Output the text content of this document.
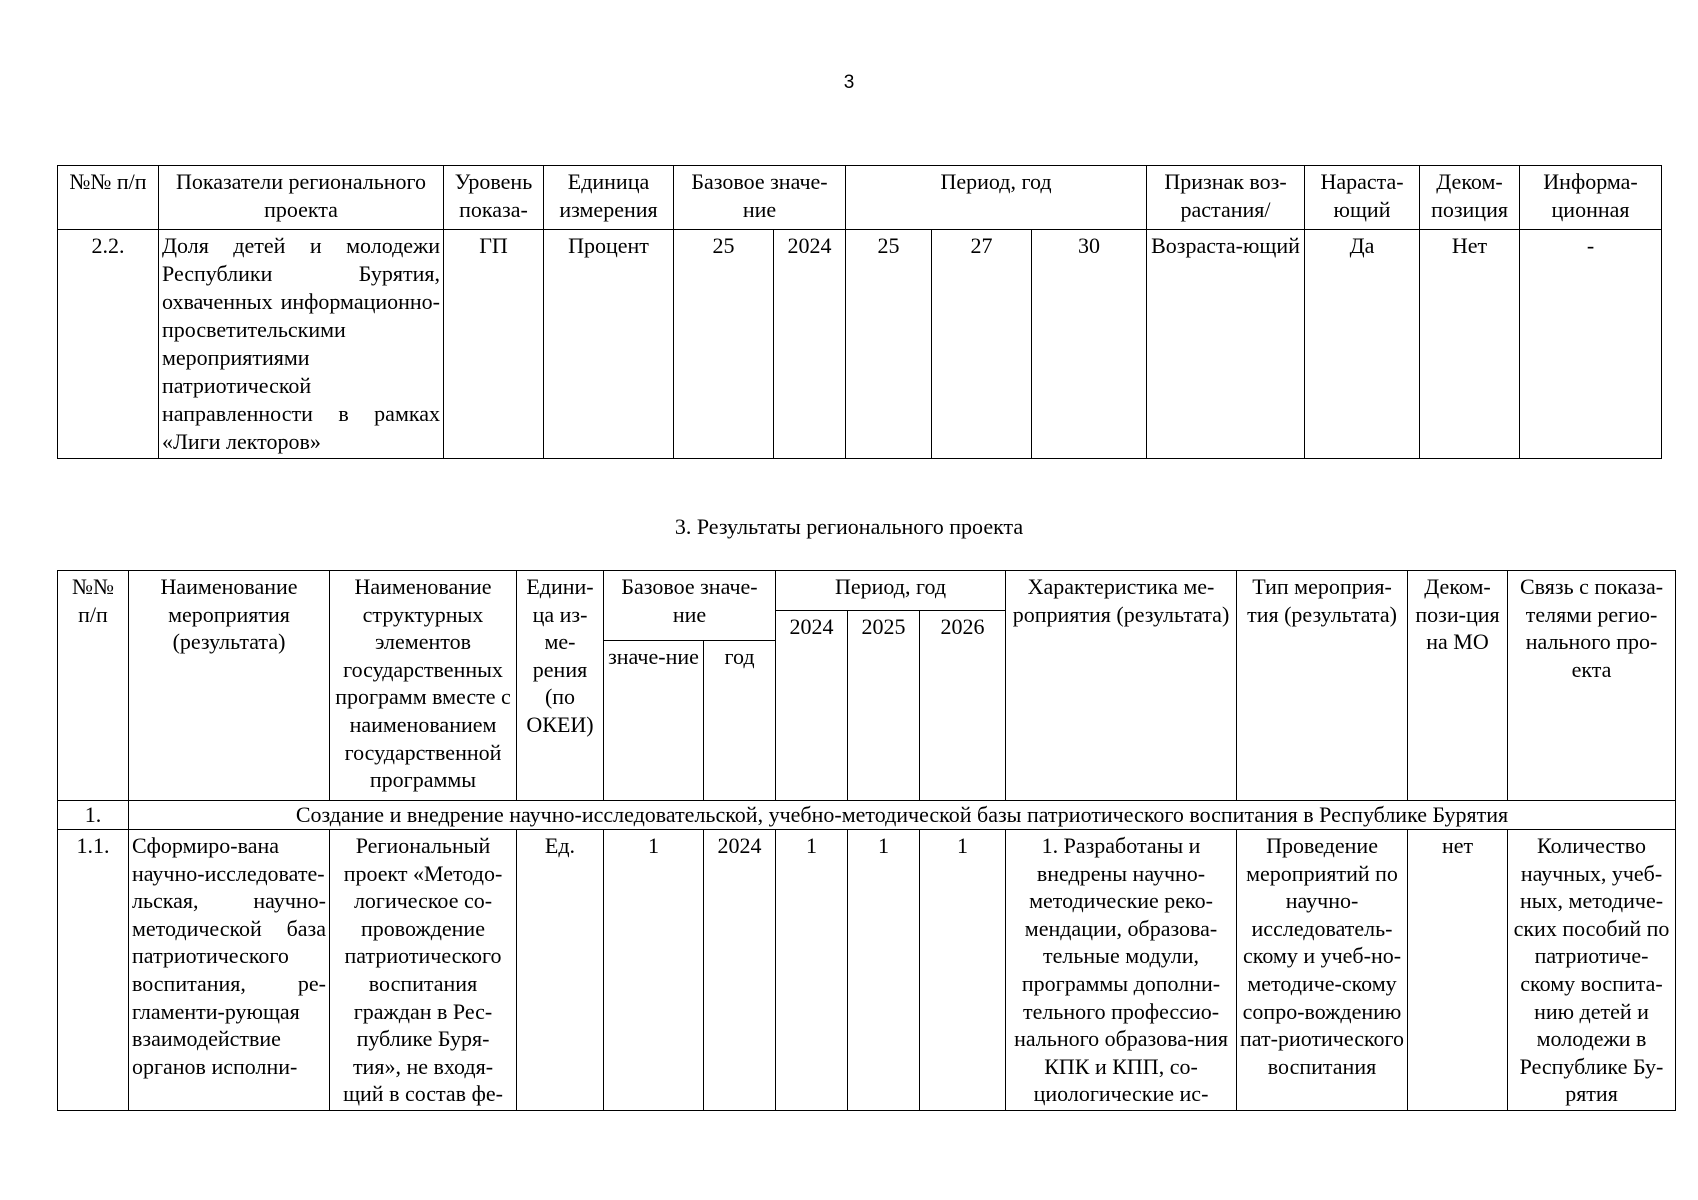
3
№№ п/п	Показатели регионального проекта	Уровень показа-	Единица измерения	Базовое значе-ние		Период, год			Признак воз-растания/	Нараста-ющий	Деком-позиция	Информа-ционная
2.2.	Доля детей и молодежи Республики Бурятия, охваченных информационно-просветительскими мероприятиями патриотической направленности в рамках «Лиги лекторов»	ГП	Процент	25	2024	25	27	30	Возраста-ющий	Да	Нет	-
3. Результаты регионального проекта
№№ п/п	Наименование мероприятия (результата)	Наименование структурных элементов государственных программ вместе с наименованием государственной программы	Едини-ца из-ме-рения (по ОКЕИ)	Базовое значе-ние		Период, год			Характеристика ме-роприятия (результата)	Тип мероприя-тия (результата)	Деком-пози-ция на МО	Связь с показа-телями регио-нального про-екта
						2024	2025	2026				
				значе-ние	год							
1.	Создание и внедрение научно-исследовательской, учебно-методической базы патриотического воспитания в Республике Бурятия											
1.1.	Сформиро-вана научно-исследовате-льская, научно-методической база патриотического воспитания, ре-гламенти-рующая взаимодействие органов исполни-	Региональный проект «Методо-логическое со-провождение патриотического воспитания граждан в Рес-публике Буря-тия», не входя-щий в состав фе-	Ед.	1	2024	1	1	1	1. Разработаны и внедрены научно-методические реко-мендации, образова-тельные модули, программы дополни-тельного профессио-нального образова-ния КПК и КПП, со-циологические ис-	Проведение мероприятий по научно-исследователь-скому и учеб-но-методиче-скому сопро-вождению пат-риотического воспитания	нет	Количество научных, учеб-ных, методиче-ских пособий по патриотиче-скому воспита-нию детей и молодежи в Республике Бу-рятия
